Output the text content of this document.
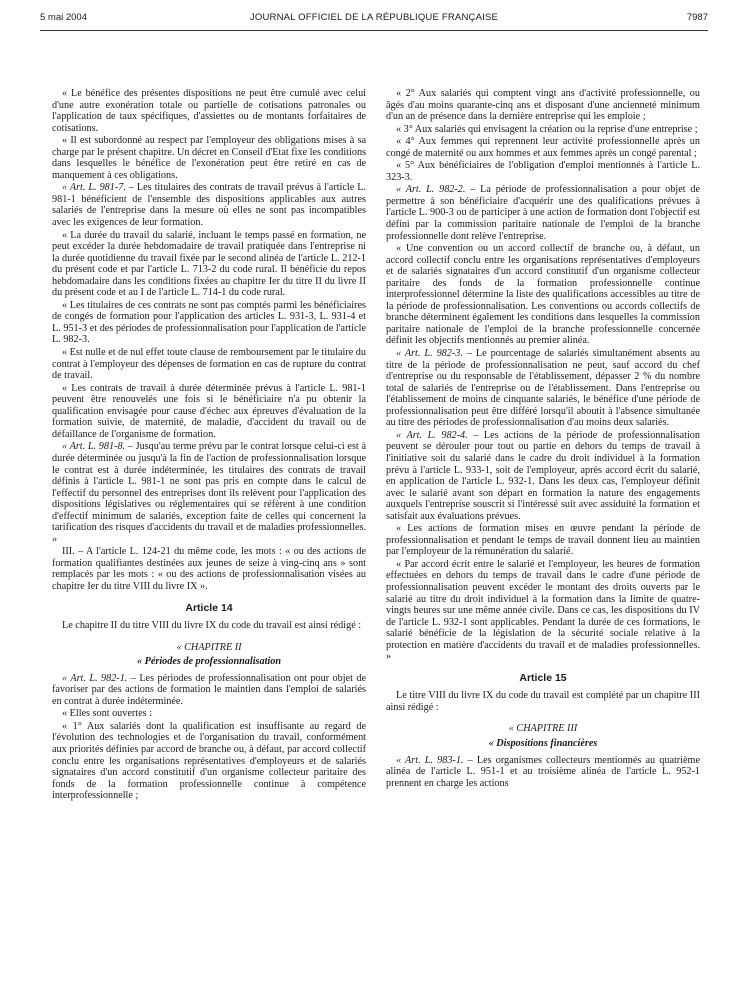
5 mai 2004	JOURNAL OFFICIEL DE LA RÉPUBLIQUE FRANÇAISE	7987

« Le bénéfice des présentes dispositions ne peut être cumulé avec celui d'une autre exonération totale ou partielle de cotisations patronales ou l'application de taux spécifiques, d'assiettes ou de montants forfaitaires de cotisations.

« Il est subordonné au respect par l'employeur des obligations mises à sa charge par le présent chapitre. Un décret en Conseil d'Etat fixe les conditions dans lesquelles le bénéfice de l'exonération peut être retiré en cas de manquement à ces obligations.

« Art. L. 981-7. – Les titulaires des contrats de travail prévus à l'article L. 981-1 bénéficient de l'ensemble des dispositions applicables aux autres salariés de l'entreprise dans la mesure où elles ne sont pas incompatibles avec les exigences de leur formation.

« La durée du travail du salarié, incluant le temps passé en formation, ne peut excéder la durée hebdomadaire de travail pratiquée dans l'entreprise ni la durée quotidienne du travail fixée par le second alinéa de l'article L. 212-1 du présent code et par l'article L. 713-2 du code rural. Il bénéficie du repos hebdomadaire dans les conditions fixées au chapitre Ier du titre II du livre II du présent code et au I de l'article L. 714-1 du code rural.

« Les titulaires de ces contrats ne sont pas comptés parmi les bénéficiaires de congés de formation pour l'application des articles L. 931-3, L. 931-4 et L. 951-3 et des périodes de professionnalisation pour l'application de l'article L. 982-3.

« Est nulle et de nul effet toute clause de remboursement par le titulaire du contrat à l'employeur des dépenses de formation en cas de rupture du contrat de travail.

« Les contrats de travail à durée déterminée prévus à l'article L. 981-1 peuvent être renouvelés une fois si le bénéficiaire n'a pu obtenir la qualification envisagée pour cause d'échec aux épreuves d'évaluation de la formation suivie, de maternité, de maladie, d'accident du travail ou de défaillance de l'organisme de formation.

« Art. L. 981-8. – Jusqu'au terme prévu par le contrat lorsque celui-ci est à durée déterminée ou jusqu'à la fin de l'action de professionnalisation lorsque le contrat est à durée indéterminée, les titulaires des contrats de travail définis à l'article L. 981-1 ne sont pas pris en compte dans le calcul de l'effectif du personnel des entreprises dont ils relèvent pour l'application des dispositions législatives ou réglementaires qui se réfèrent à une condition d'effectif minimum de salariés, exception faite de celles qui concernent la tarification des risques d'accidents du travail et de maladies professionnelles. »

III. – A l'article L. 124-21 du même code, les mots : « ou des actions de formation qualifiantes destinées aux jeunes de seize à ving-cinq ans » sont remplacés par les mots : « ou des actions de professionnalisation visées au chapitre Ier du titre VIII du livre IX ».

Article 14

Le chapitre II du titre VIII du livre IX du code du travail est ainsi rédigé :

« CHAPITRE II
« Périodes de professionnalisation

« Art. L. 982-1. – Les périodes de professionnalisation ont pour objet de favoriser par des actions de formation le maintien dans l'emploi de salariés en contrat à durée indéterminée.

« Elles sont ouvertes :

« 1° Aux salariés dont la qualification est insuffisante au regard de l'évolution des technologies et de l'organisation du travail, conformément aux priorités définies par accord de branche ou, à défaut, par accord collectif conclu entre les organisations représentatives d'employeurs et de salariés signataires d'un accord constitutif d'un organisme collecteur paritaire des fonds de la formation professionnelle continue à compétence interprofessionnelle ;

« 2° Aux salariés qui comptent vingt ans d'activité professionnelle, ou âgés d'au moins quarante-cinq ans et disposant d'une ancienneté minimum d'un an de présence dans la dernière entreprise qui les emploie ;

« 3° Aux salariés qui envisagent la création ou la reprise d'une entreprise ;

« 4° Aux femmes qui reprennent leur activité professionnelle après un congé de maternité ou aux hommes et aux femmes après un congé parental ;

« 5° Aux bénéficiaires de l'obligation d'emploi mentionnés à l'article L. 323-3.

« Art. L. 982-2. – La période de professionnalisation a pour objet de permettre à son bénéficiaire d'acquérir une des qualifications prévues à l'article L. 900-3 ou de participer à une action de formation dont l'objectif est défini par la commission paritaire nationale de l'emploi de la branche professionnelle dont relève l'entreprise.

« Une convention ou un accord collectif de branche ou, à défaut, un accord collectif conclu entre les organisations représentatives d'employeurs et de salariés signataires d'un accord constitutif d'un organisme collecteur paritaire des fonds de la formation professionnelle continue interprofessionnel détermine la liste des qualifications accessibles au titre de la période de professionnalisation. Les conventions ou accords collectifs de branche déterminent également les conditions dans lesquelles la commission paritaire nationale de l'emploi de la branche professionnelle concernée définit les objectifs mentionnés au premier alinéa.

« Art. L. 982-3. – Le pourcentage de salariés simultanément absents au titre de la période de professionnalisation ne peut, sauf accord du chef d'entreprise ou du responsable de l'établissement, dépasser 2 % du nombre total de salariés de l'entreprise ou de l'établissement. Dans l'entreprise ou l'établissement de moins de cinquante salariés, le bénéfice d'une période de professionnalisation peut être différé lorsqu'il aboutit à l'absence simultanée au titre des périodes de professionnalisation d'au moins deux salariés.

« Art. L. 982-4. – Les actions de la période de professionnalisation peuvent se dérouler pour tout ou partie en dehors du temps de travail à l'initiative soit du salarié dans le cadre du droit individuel à la formation prévu à l'article L. 933-1, soit de l'employeur, après accord écrit du salarié, en application de l'article L. 932-1. Dans les deux cas, l'employeur définit avec le salarié avant son départ en formation la nature des engagements auxquels l'entreprise souscrit si l'intéressé suit avec assiduité la formation et satisfait aux évaluations prévues.

« Les actions de formation mises en œuvre pendant la période de professionnalisation et pendant le temps de travail donnent lieu au maintien par l'employeur de la rémunération du salarié.

« Par accord écrit entre le salarié et l'employeur, les heures de formation effectuées en dehors du temps de travail dans le cadre d'une période de professionnalisation peuvent excéder le montant des droits ouverts par le salarié au titre du droit individuel à la formation dans la limite de quatre-vingts heures sur une même année civile. Dans ce cas, les dispositions du IV de l'article L. 932-1 sont applicables. Pendant la durée de ces formations, le salarié bénéficie de la législation de la sécurité sociale relative à la protection en matière d'accidents du travail et de maladies professionnelles. »

Article 15

Le titre VIII du livre IX du code du travail est complété par un chapitre III ainsi rédigé :

« CHAPITRE III
« Dispositions financières

« Art. L. 983-1. – Les organismes collecteurs mentionnés au quatrième alinéa de l'article L. 951-1 et au troisième alinéa de l'article L. 952-1 prennent en charge les actions
